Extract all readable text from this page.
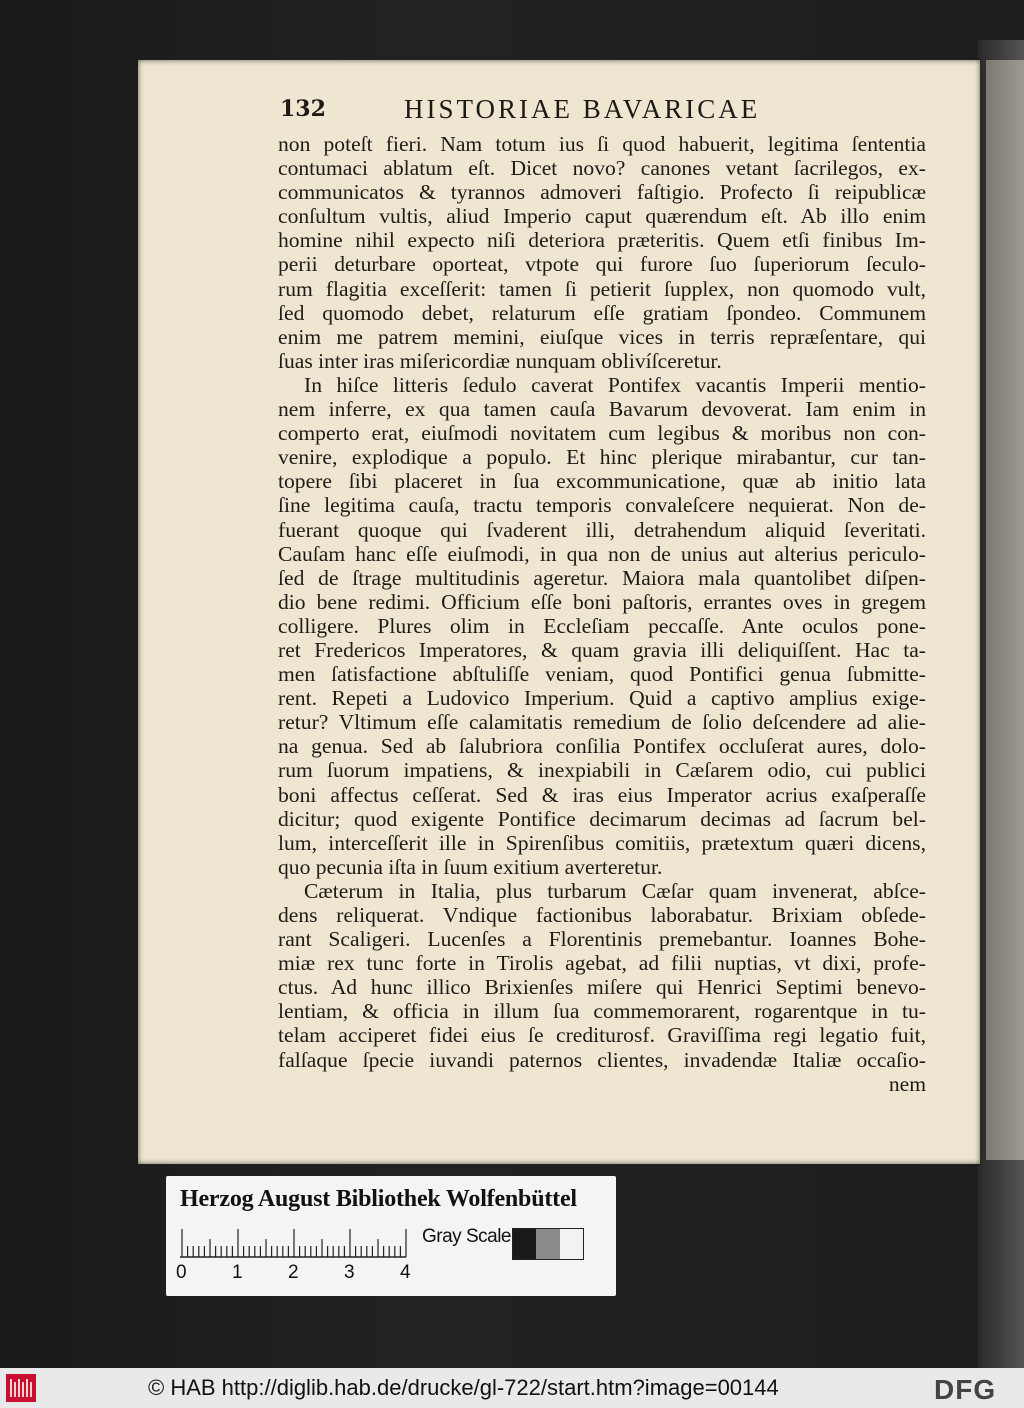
132	HISTORIAE BAVARICAE
non poteſt fieri. Nam totum ius ſi quod habuerit, legitima ſententia
contumaci ablatum eſt. Dicet novo? canones vetant ſacrilegos, ex-
communicatos & tyrannos admoveri faſtigio. Profecto ſi reipublicæ
conſultum vultis, aliud Imperio caput quærendum eſt. Ab illo enim
homine nihil expecto niſi deteriora præteritis. Quem etſi finibus Im-
perii deturbare oporteat, vtpote qui furore ſuo ſuperiorum ſeculo-
rum flagitia exceſſerit: tamen ſi petierit ſupplex, non quomodo vult,
ſed quomodo debet, relaturum eſſe gratiam ſpondeo. Communem
enim me patrem memini, eiuſque vices in terris repræſentare, qui
ſuas inter iras miſericordiæ nunquam oblivíſceretur.
In hiſce litteris ſedulo caverat Pontifex vacantis Imperii mentio-
nem inferre, ex qua tamen cauſa Bavarum devoverat. Iam enim in
comperto erat, eiuſmodi novitatem cum legibus & moribus non con-
venire, explodique a populo. Et hinc plerique mirabantur, cur tan-
topere ſibi placeret in ſua excommunicatione, quæ ab initio lata
ſine legitima cauſa, tractu temporis convaleſcere nequierat. Non de-
fuerant quoque qui ſvaderent illi, detrahendum aliquid ſeveritati.
Cauſam hanc eſſe eiuſmodi, in qua non de unius aut alterius periculo-
ſed de ſtrage multitudinis ageretur. Maiora mala quantolibet diſpen-
dio bene redimi. Officium eſſe boni paſtoris, errantes oves in gregem
colligere. Plures olim in Eccleſiam peccaſſe. Ante oculos pone-
ret Fredericos Imperatores, & quam gravia illi deliquiſſent. Hac ta-
men ſatisfactione abſtuliſſe veniam, quod Pontifici genua ſubmitte-
rent. Repeti a Ludovico Imperium. Quid a captivo amplius exige-
retur? Vltimum eſſe calamitatis remedium de ſolio deſcendere ad alie-
na genua. Sed ab ſalubriora conſilia Pontifex occluſerat aures, dolo-
rum ſuorum impatiens, & inexpiabili in Cæſarem odio, cui publici
boni affectus ceſſerat. Sed & iras eius Imperator acrius exaſperaſſe
dicitur; quod exigente Pontifice decimarum decimas ad ſacrum bel-
lum, interceſſerit ille in Spirenſibus comitiis, prætextum quæri dicens,
quo pecunia iſta in ſuum exitium averteretur.
Cæterum in Italia, plus turbarum Cæſar quam invenerat, abſce-
dens reliquerat. Vndique factionibus laborabatur. Brixiam obſede-
rant Scaligeri. Lucenſes a Florentinis premebantur. Ioannes Bohe-
miæ rex tunc forte in Tirolis agebat, ad filii nuptias, vt dixi, profe-
ctus. Ad hunc illico Brixienſes miſere qui Henrici Septimi benevo-
lentiam, & officia in illum ſua commemorarent, rogarentque in tu-
telam acciperet fidei eius ſe crediturosf. Graviſſima regi legatio fuit,
falſaque ſpecie iuvandi paternos clientes, invadendæ Italiæ occaſio-
nem
Herzog August Bibliothek Wolfenbüttel
0 1 2 3 4
Gray Scale
© HAB http://diglib.hab.de/drucke/gl-722/start.htm?image=00144	DFG
